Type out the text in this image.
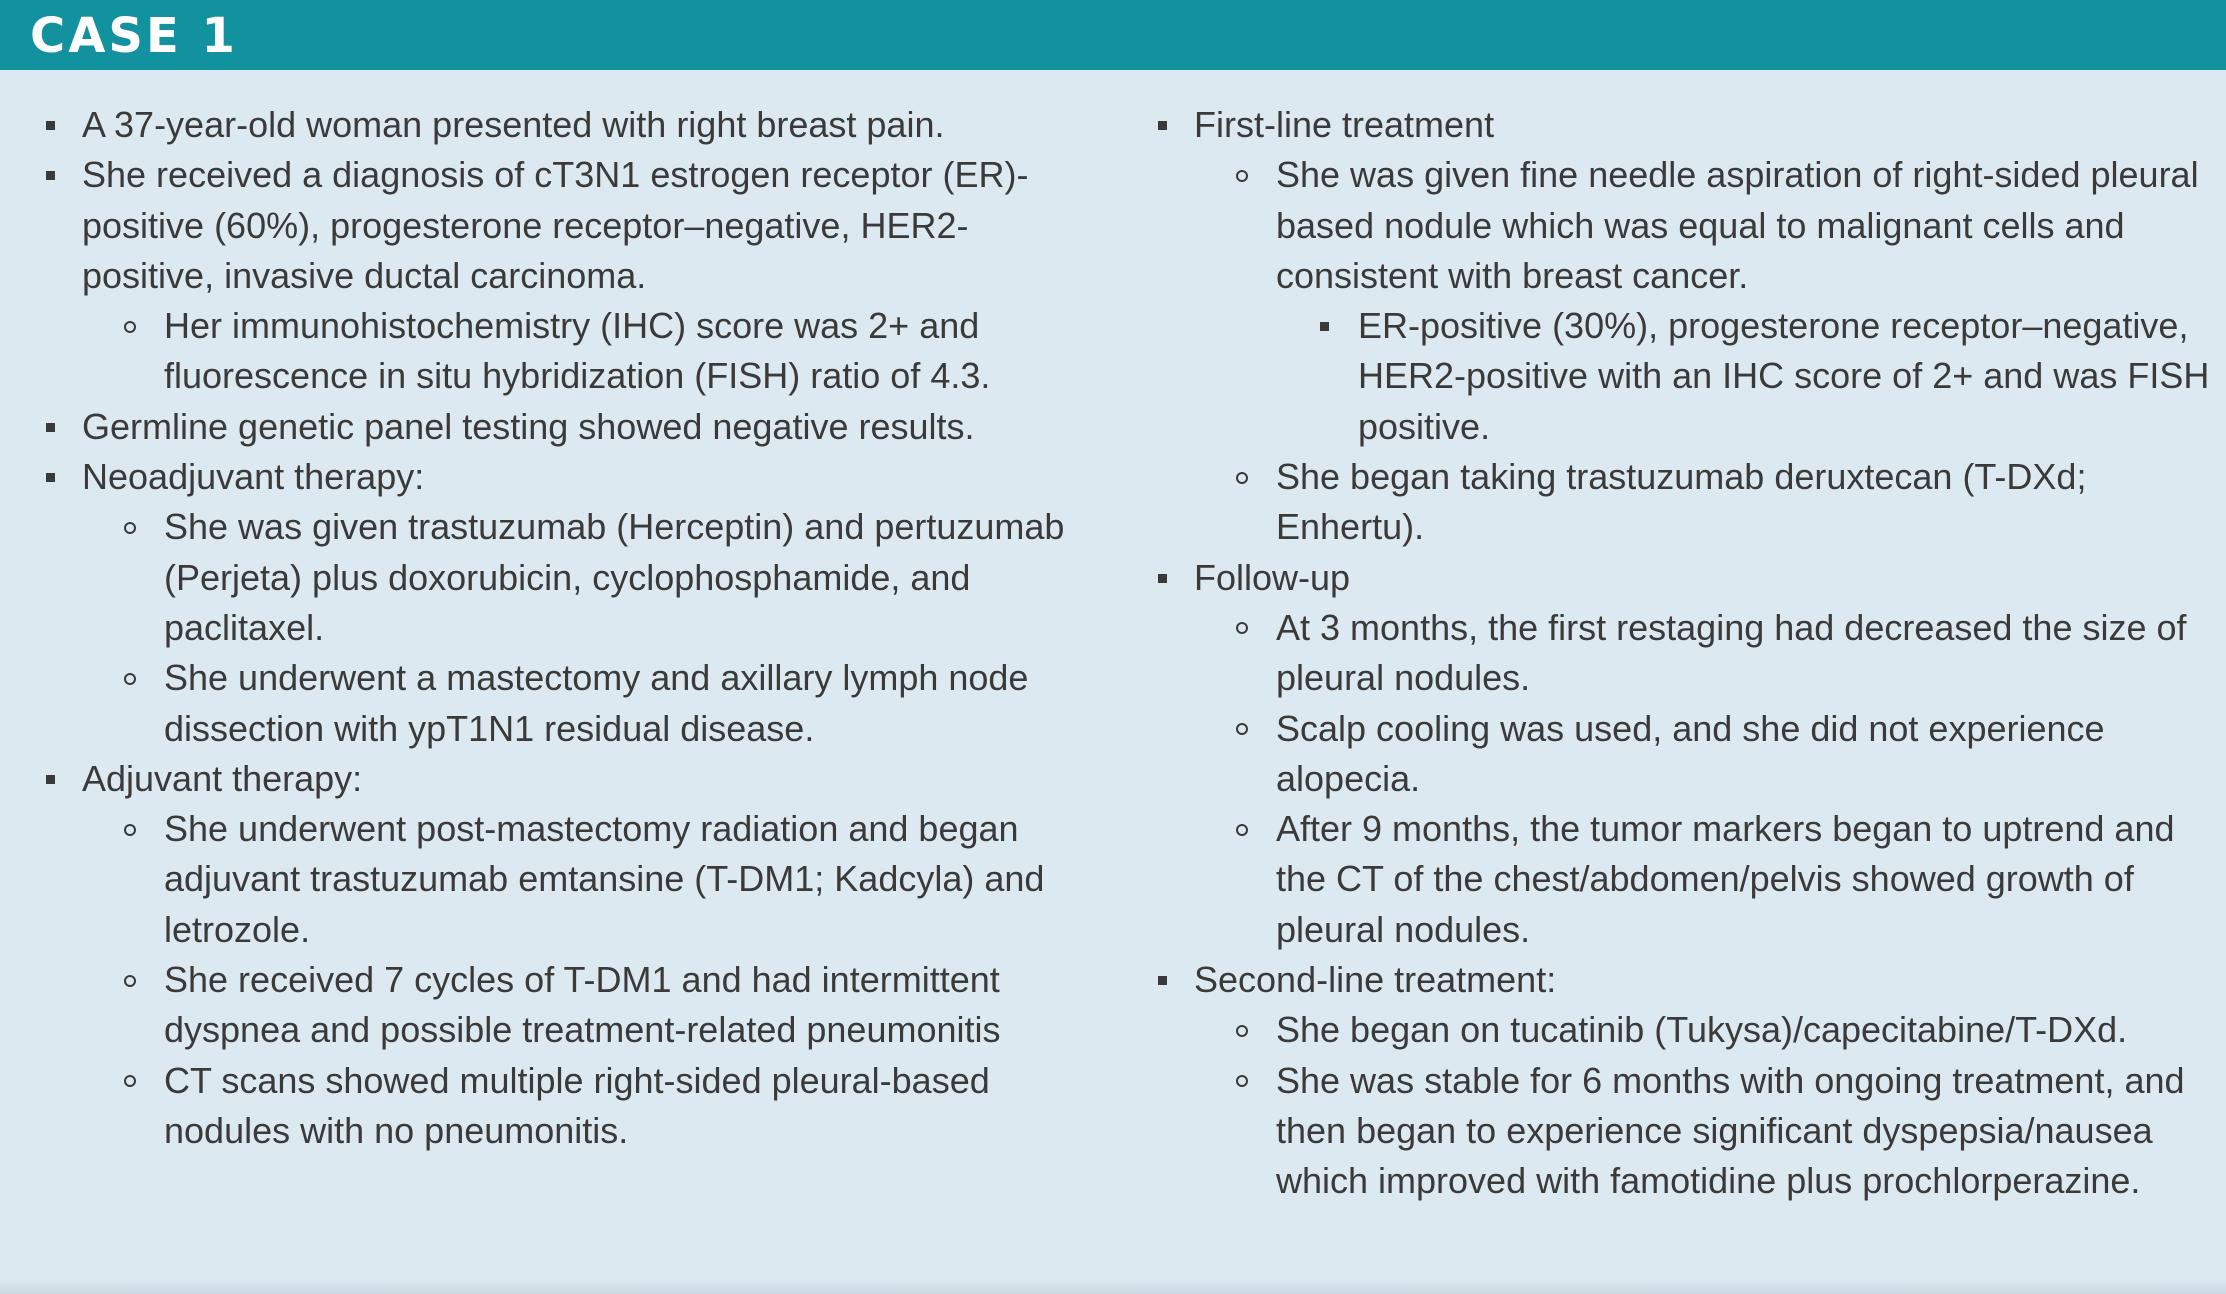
CASE 1
A 37-year-old woman presented with right breast pain.
She received a diagnosis of cT3N1 estrogen receptor (ER)-positive (60%), progesterone receptor–negative, HER2-positive, invasive ductal carcinoma.
Her immunohistochemistry (IHC) score was 2+ and fluorescence in situ hybridization (FISH) ratio of 4.3.
Germline genetic panel testing showed negative results.
Neoadjuvant therapy:
She was given trastuzumab (Herceptin) and pertuzumab (Perjeta) plus doxorubicin, cyclophosphamide, and paclitaxel.
She underwent a mastectomy and axillary lymph node dissection with ypT1N1 residual disease.
Adjuvant therapy:
She underwent post-mastectomy radiation and began adjuvant trastuzumab emtansine (T-DM1; Kadcyla) and letrozole.
She received 7 cycles of T-DM1 and had intermittent dyspnea and possible treatment-related pneumonitis
CT scans showed multiple right-sided pleural-based nodules with no pneumonitis.
First-line treatment
She was given fine needle aspiration of right-sided pleural based nodule which was equal to malignant cells and consistent with breast cancer.
ER-positive (30%), progesterone receptor–negative, HER2-positive with an IHC score of 2+ and was FISH positive.
She began taking trastuzumab deruxtecan (T-DXd; Enhertu).
Follow-up
At 3 months, the first restaging had decreased the size of pleural nodules.
Scalp cooling was used, and she did not experience alopecia.
After 9 months, the tumor markers began to uptrend and the CT of the chest/abdomen/pelvis showed growth of pleural nodules.
Second-line treatment:
She began on tucatinib (Tukysa)/capecitabine/T-DXd.
She was stable for 6 months with ongoing treatment, and then began to experience significant dyspepsia/nausea which improved with famotidine plus prochlorperazine.
